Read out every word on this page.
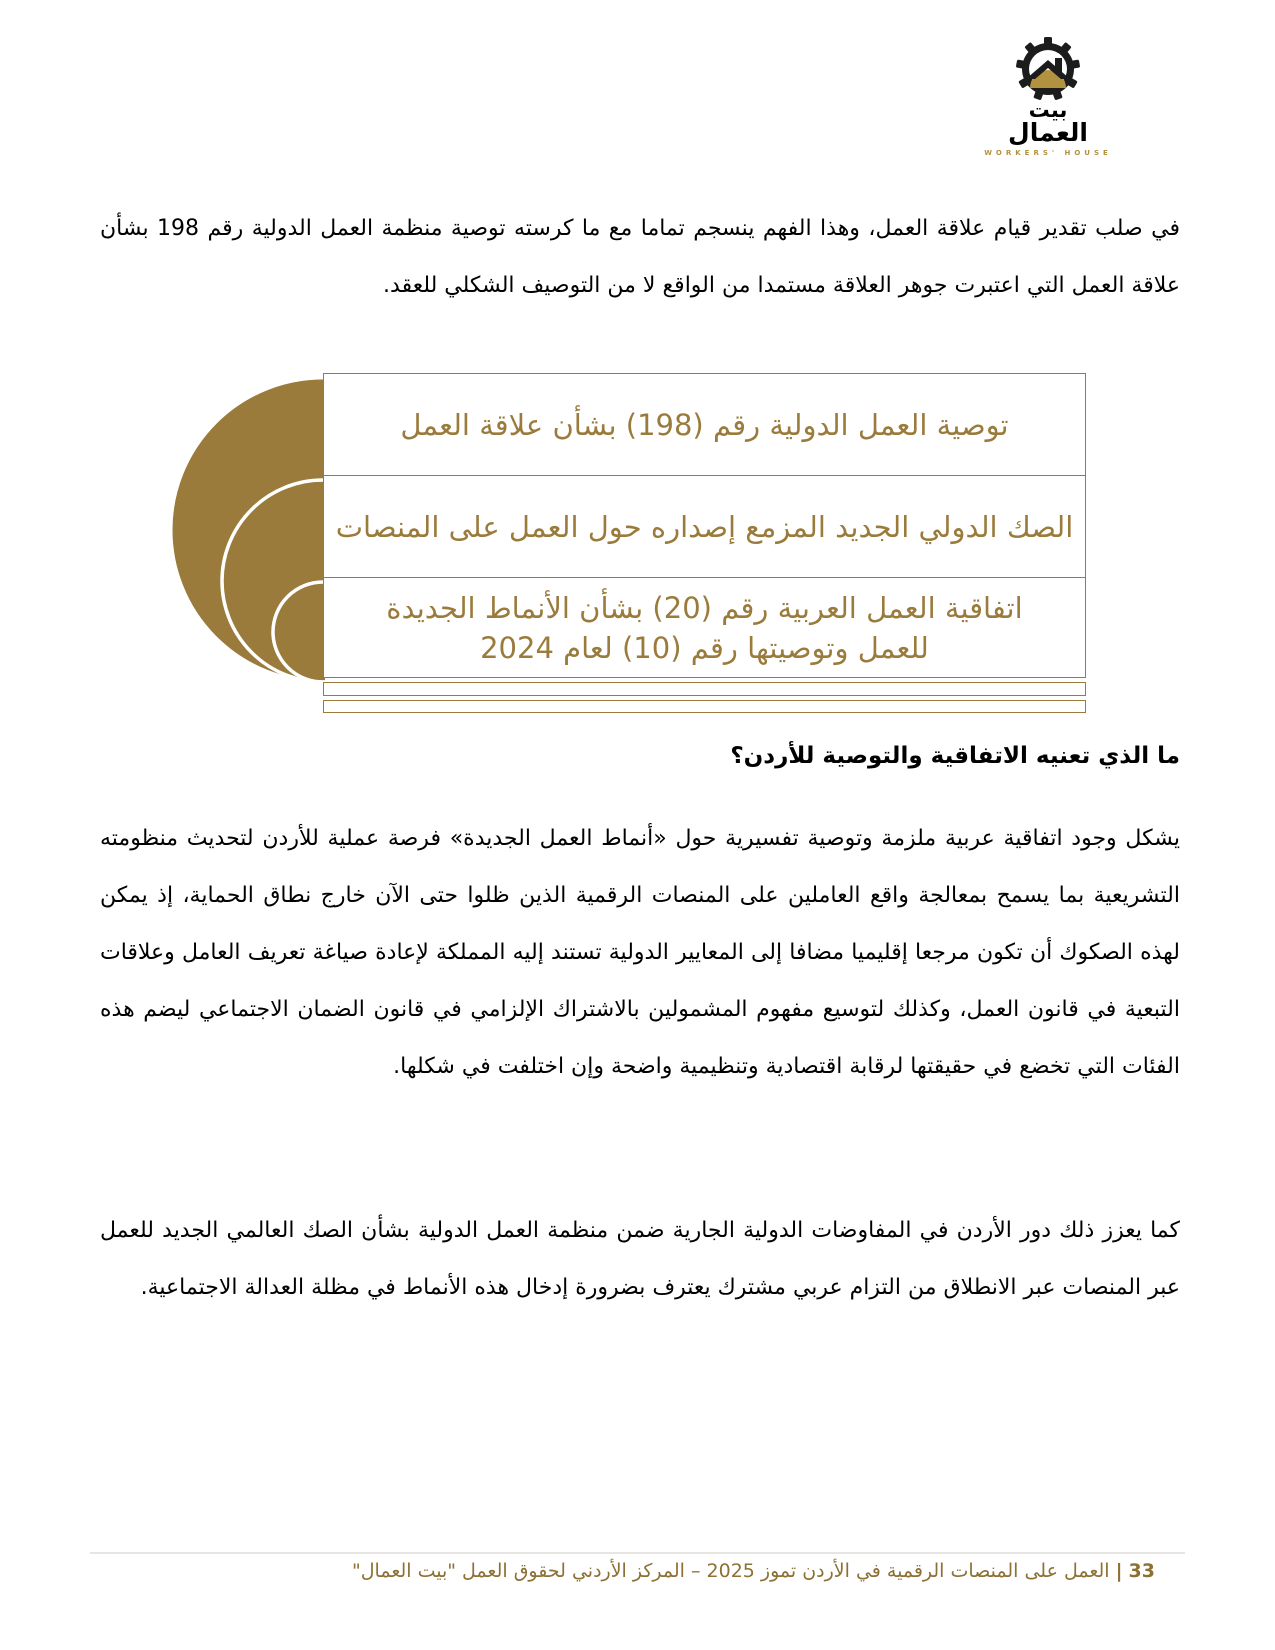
بيت
العمال
WORKERS' HOUSE

في صلب تقدير قيام علاقة العمل، وهذا الفهم ينسجم تماما مع ما كرسته توصية منظمة العمل الدولية رقم 198 بشأن علاقة العمل التي اعتبرت جوهر العلاقة مستمدا من الواقع لا من التوصيف الشكلي للعقد.

توصية العمل الدولية رقم (198) بشأن علاقة العمل
الصك الدولي الجديد المزمع إصداره حول العمل على المنصات
اتفاقية العمل العربية رقم (20) بشأن الأنماط الجديدة للعمل وتوصيتها رقم (10) لعام 2024
ما الذي تعنيه الاتفاقية والتوصية للأردن؟

يشكل وجود اتفاقية عربية ملزمة وتوصية تفسيرية حول «أنماط العمل الجديدة» فرصة عملية للأردن لتحديث منظومته التشريعية بما يسمح بمعالجة واقع العاملين على المنصات الرقمية الذين ظلوا حتى الآن خارج نطاق الحماية، إذ يمكن لهذه الصكوك أن تكون مرجعا إقليميا مضافا إلى المعايير الدولية تستند إليه المملكة لإعادة صياغة تعريف العامل وعلاقات التبعية في قانون العمل، وكذلك لتوسيع مفهوم المشمولين بالاشتراك الإلزامي في قانون الضمان الاجتماعي ليضم هذه الفئات التي تخضع في حقيقتها لرقابة اقتصادية وتنظيمية واضحة وإن اختلفت في شكلها.

كما يعزز ذلك دور الأردن في المفاوضات الدولية الجارية ضمن منظمة العمل الدولية بشأن الصك العالمي الجديد للعمل عبر المنصات عبر الانطلاق من التزام عربي مشترك يعترف بضرورة إدخال هذه الأنماط في مظلة العدالة الاجتماعية.

33|العمل على المنصات الرقمية في الأردن تموز 2025 – المركز الأردني لحقوق العمل "بيت العمال"
